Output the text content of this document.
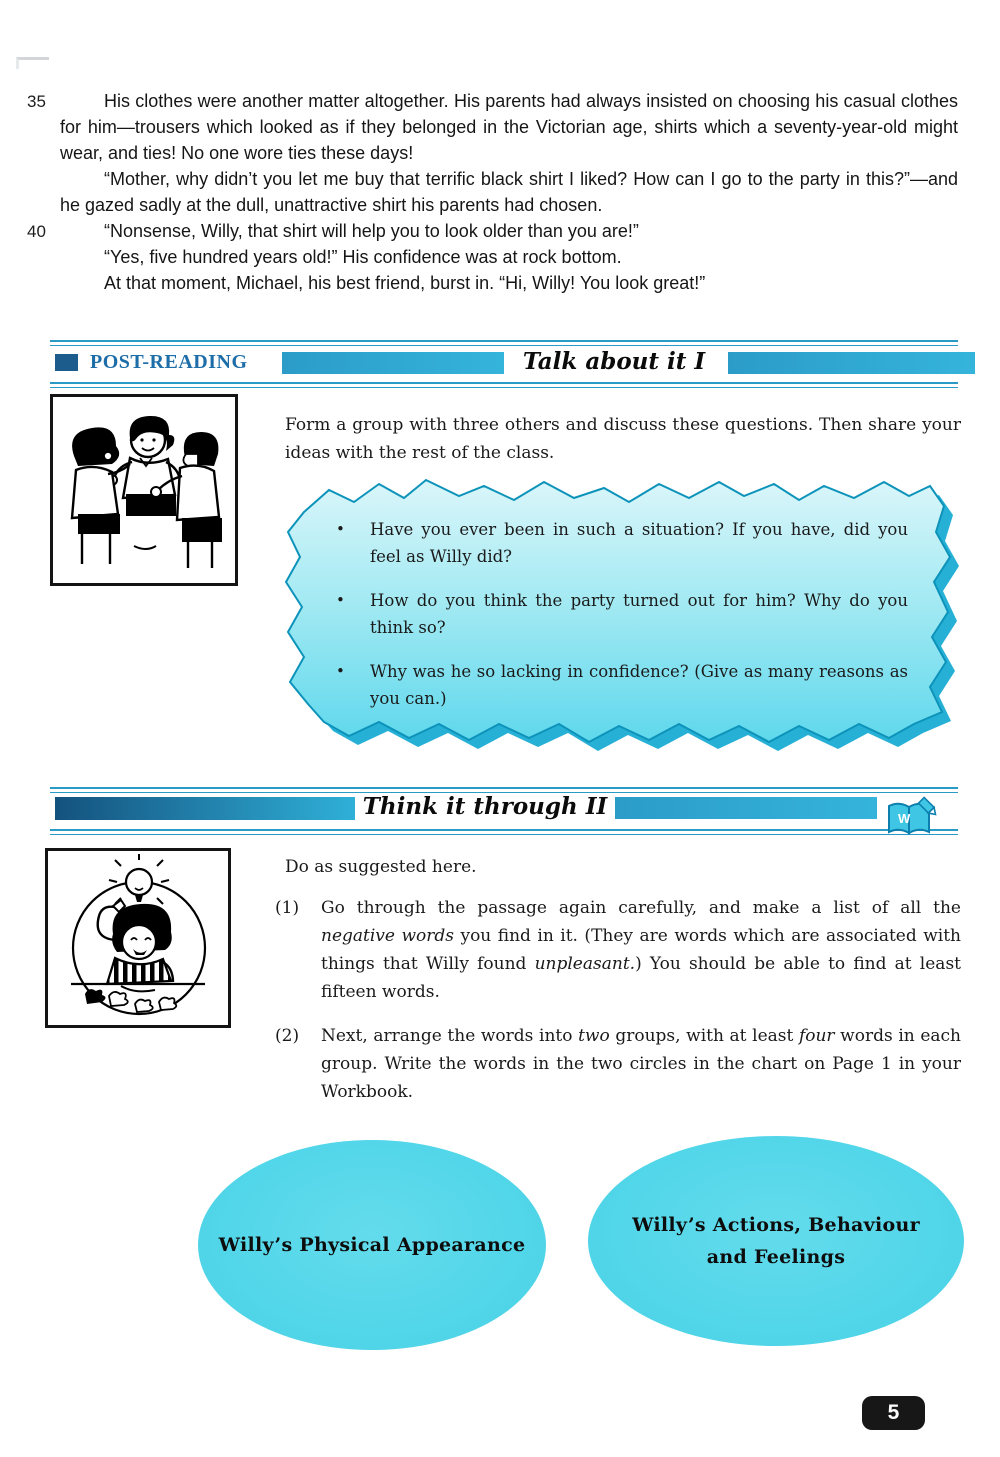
35
40

His clothes were another matter altogether. His parents had always insisted on choosing his casual clothes for him—trousers which looked as if they belonged in the Victorian age, shirts which a seventy-year-old might wear, and ties! No one wore ties these days!

“Mother, why didn’t you let me buy that terrific black shirt I liked? How can I go to the party in this?”—and he gazed sadly at the dull, unattractive shirt his parents had chosen.

“Nonsense, Willy, that shirt will help you to look older than you are!”

“Yes, five hundred years old!” His confidence was at rock bottom.

At that moment, Michael, his best friend, burst in. “Hi, Willy! You look great!”

POST-READING	Talk about it I
Form a group with three others and discuss these questions. Then share your ideas with the rest of the class.
•	Have you ever been in such a situation? If you have, did you feel as Willy did?
•	How do you think the party turned out for him? Why do you think so?
•	Why was he so lacking in confidence? (Give as many reasons as you can.)
Think it through II	W
Do as suggested here.
(1)	Go through the passage again carefully, and make a list of all the negative words you find in it. (They are words which are associated with things that Willy found unpleasant.) You should be able to find at least fifteen words.
(2)	Next, arrange the words into two groups, with at least four words in each group. Write the words in the two circles in the chart on Page 1 in your Workbook.
Willy’s Physical Appearance
Willy’s Actions, Behaviour
and Feelings
5
